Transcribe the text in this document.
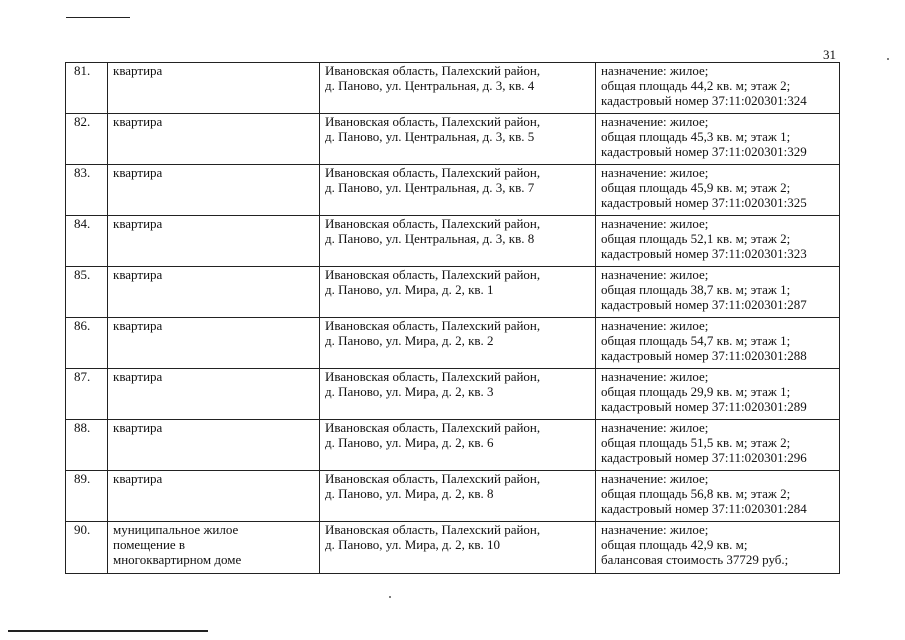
31
81.	квартира	Ивановская область, Палехский район,
д. Паново, ул. Центральная, д. 3, кв. 4	назначение: жилое;
общая площадь 44,2 кв. м; этаж 2;
кадастровый номер 37:11:020301:324

82.	квартира	Ивановская область, Палехский район,
д. Паново, ул. Центральная, д. 3, кв. 5	назначение: жилое;
общая площадь 45,3 кв. м; этаж 1;
кадастровый номер 37:11:020301:329

83.	квартира	Ивановская область, Палехский район,
д. Паново, ул. Центральная, д. 3, кв. 7	назначение: жилое;
общая площадь 45,9 кв. м; этаж 2;
кадастровый номер 37:11:020301:325

84.	квартира	Ивановская область, Палехский район,
д. Паново, ул. Центральная, д. 3, кв. 8	назначение: жилое;
общая площадь 52,1 кв. м; этаж 2;
кадастровый номер 37:11:020301:323

85.	квартира	Ивановская область, Палехский район,
д. Паново, ул. Мира, д. 2, кв. 1	назначение: жилое;
общая площадь 38,7 кв. м; этаж 1;
кадастровый номер 37:11:020301:287

86.	квартира	Ивановская область, Палехский район,
д. Паново, ул. Мира, д. 2, кв. 2	назначение: жилое;
общая площадь 54,7 кв. м; этаж 1;
кадастровый номер 37:11:020301:288

87.	квартира	Ивановская область, Палехский район,
д. Паново, ул. Мира, д. 2, кв. 3	назначение: жилое;
общая площадь 29,9 кв. м; этаж 1;
кадастровый номер 37:11:020301:289

88.	квартира	Ивановская область, Палехский район,
д. Паново, ул. Мира, д. 2, кв. 6	назначение: жилое;
общая площадь 51,5 кв. м; этаж 2;
кадастровый номер 37:11:020301:296

89.	квартира	Ивановская область, Палехский район,
д. Паново, ул. Мира, д. 2, кв. 8	назначение: жилое;
общая площадь 56,8 кв. м; этаж 2;
кадастровый номер 37:11:020301:284

90.	муниципальное жилое
помещение в
многоквартирном доме	Ивановская область, Палехский район,
д. Паново, ул. Мира, д. 2, кв. 10	назначение: жилое;
общая площадь 42,9 кв. м;
балансовая стоимость 37729 руб.;
